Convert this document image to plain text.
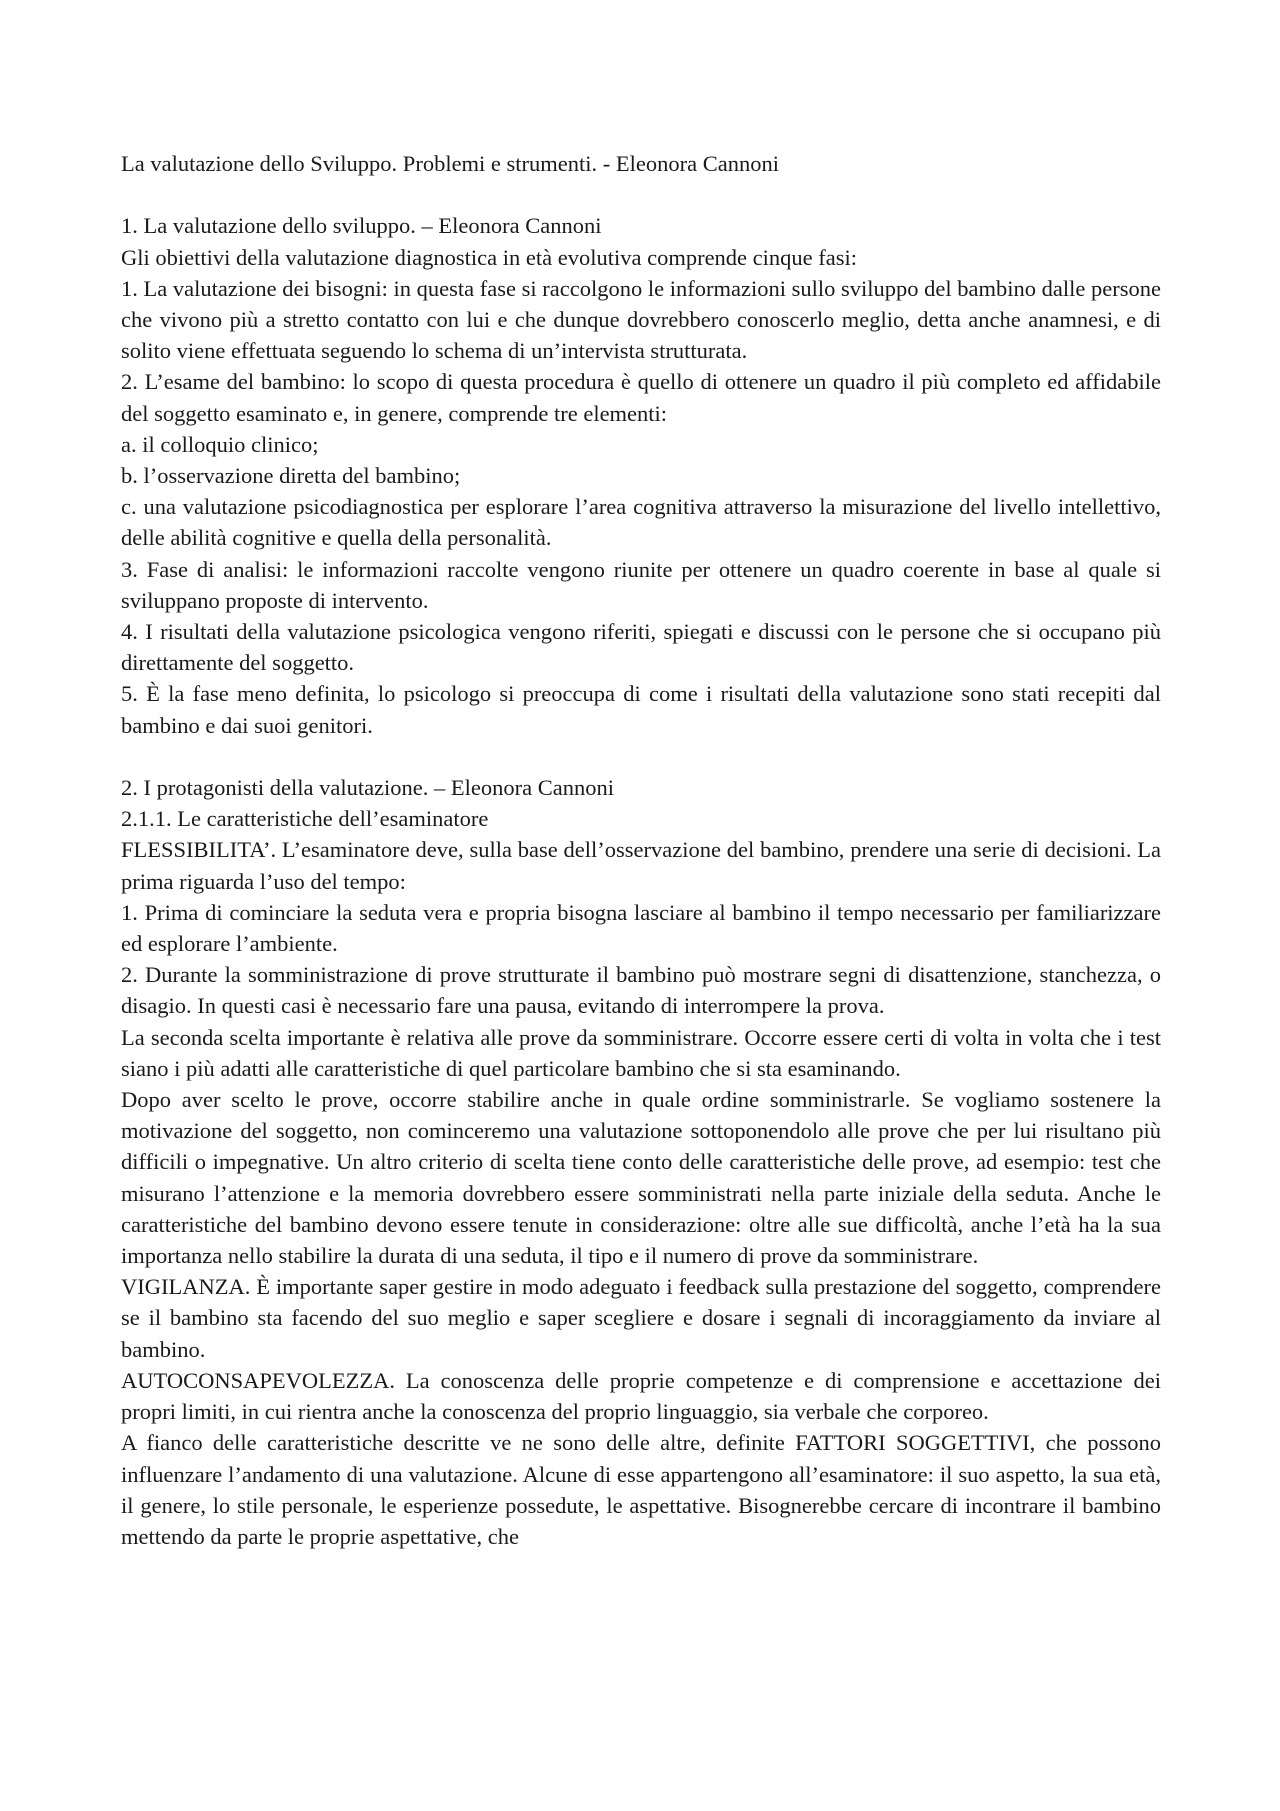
La valutazione dello Sviluppo. Problemi e strumenti. - Eleonora Cannoni

1. La valutazione dello sviluppo. – Eleonora Cannoni

Gli obiettivi della valutazione diagnostica in età evolutiva comprende cinque fasi:

1. La valutazione dei bisogni: in questa fase si raccolgono le informazioni sullo sviluppo del bambino dalle persone che vivono più a stretto contatto con lui e che dunque dovrebbero conoscerlo meglio, detta anche anamnesi, e di solito viene effettuata seguendo lo schema di un’intervista strutturata.

2. L’esame del bambino: lo scopo di questa procedura è quello di ottenere un quadro il più completo ed affidabile del soggetto esaminato e, in genere, comprende tre elementi:

a. il colloquio clinico;

b. l’osservazione diretta del bambino;

c. una valutazione psicodiagnostica per esplorare l’area cognitiva attraverso la misurazione del livello intellettivo, delle abilità cognitive e quella della personalità.

3. Fase di analisi: le informazioni raccolte vengono riunite per ottenere un quadro coerente in base al quale si sviluppano proposte di intervento.

4. I risultati della valutazione psicologica vengono riferiti, spiegati e discussi con le persone che si occupano più direttamente del soggetto.

5. È la fase meno definita, lo psicologo si preoccupa di come i risultati della valutazione sono stati recepiti dal bambino e dai suoi genitori.

2. I protagonisti della valutazione. – Eleonora Cannoni

2.1.1. Le caratteristiche dell’esaminatore

FLESSIBILITA’. L’esaminatore deve, sulla base dell’osservazione del bambino, prendere una serie di decisioni. La prima riguarda l’uso del tempo:

1. Prima di cominciare la seduta vera e propria bisogna lasciare al bambino il tempo necessario per familiarizzare ed esplorare l’ambiente.

2. Durante la somministrazione di prove strutturate il bambino può mostrare segni di disattenzione, stanchezza, o disagio. In questi casi è necessario fare una pausa, evitando di interrompere la prova.

La seconda scelta importante è relativa alle prove da somministrare. Occorre essere certi di volta in volta che i test siano i più adatti alle caratteristiche di quel particolare bambino che si sta esaminando.

Dopo aver scelto le prove, occorre stabilire anche in quale ordine somministrarle. Se vogliamo sostenere la motivazione del soggetto, non cominceremo una valutazione sottoponendolo alle prove che per lui risultano più difficili o impegnative. Un altro criterio di scelta tiene conto delle caratteristiche delle prove, ad esempio: test che misurano l’attenzione e la memoria dovrebbero essere somministrati nella parte iniziale della seduta. Anche le caratteristiche del bambino devono essere tenute in considerazione: oltre alle sue difficoltà, anche l’età ha la sua importanza nello stabilire la durata di una seduta, il tipo e il numero di prove da somministrare.

VIGILANZA. È importante saper gestire in modo adeguato i feedback sulla prestazione del soggetto, comprendere se il bambino sta facendo del suo meglio e saper scegliere e dosare i segnali di incoraggiamento da inviare al bambino.

AUTOCONSAPEVOLEZZA. La conoscenza delle proprie competenze e di comprensione e accettazione dei propri limiti, in cui rientra anche la conoscenza del proprio linguaggio, sia verbale che corporeo.

A fianco delle caratteristiche descritte ve ne sono delle altre, definite FATTORI SOGGETTIVI, che possono influenzare l’andamento di una valutazione. Alcune di esse appartengono all’esaminatore: il suo aspetto, la sua età, il genere, lo stile personale, le esperienze possedute, le aspettative. Bisognerebbe cercare di incontrare il bambino mettendo da parte le proprie aspettative, che
